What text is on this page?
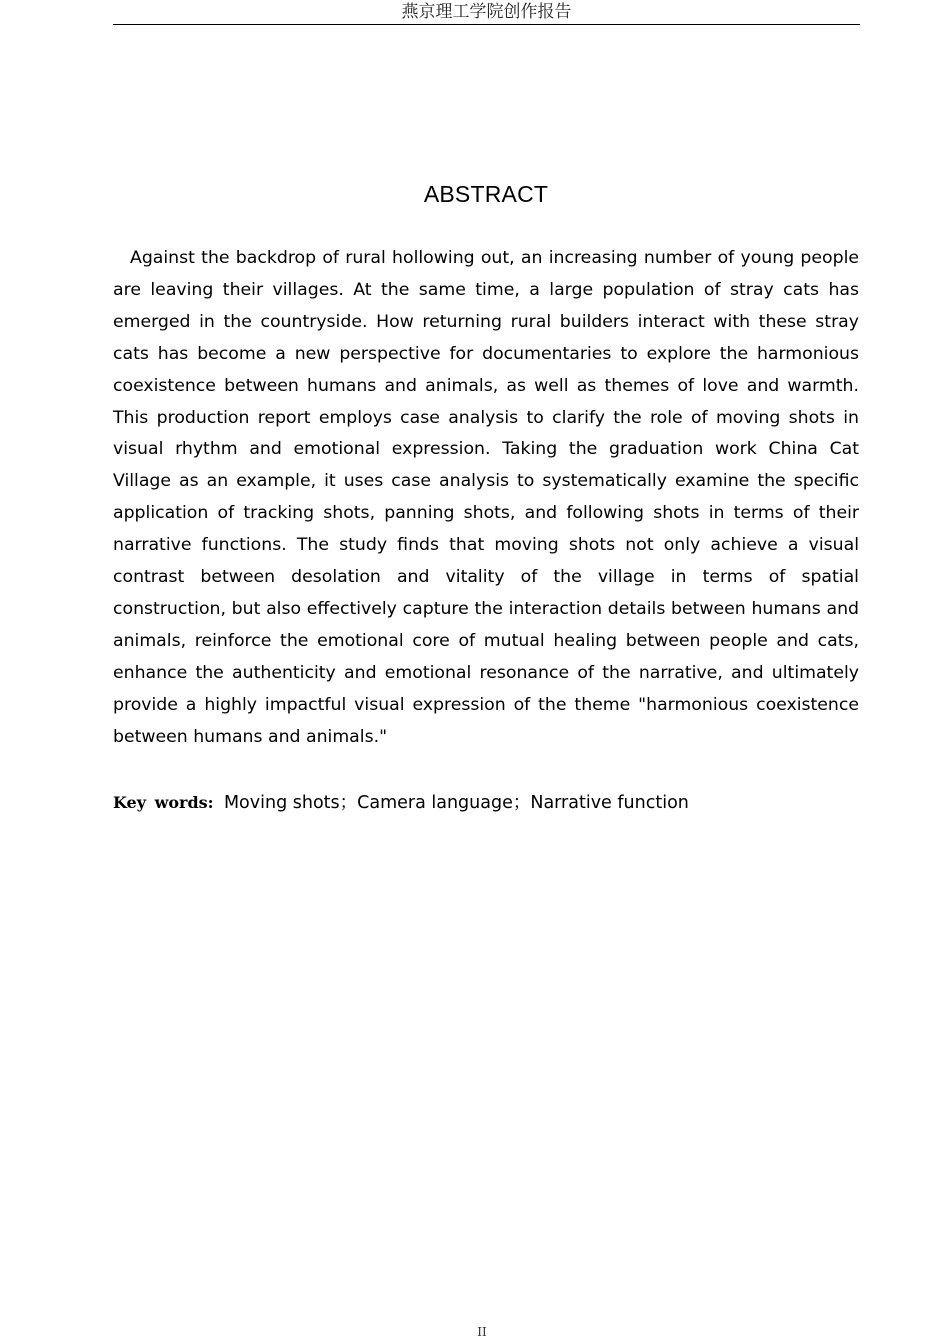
燕京理工学院创作报告
ABSTRACT

Against the backdrop of rural hollowing out, an increasing number of young people are leaving their villages. At the same time, a large population of stray cats has emerged in the countryside. How returning rural builders interact with these stray cats has become a new perspective for documentaries to explore the harmonious coexistence between humans and animals, as well as themes of love and warmth. This production report employs case analysis to clarify the role of moving shots in visual rhythm and emotional expression. Taking the graduation work China Cat Village as an example, it uses case analysis to systematically examine the specific application of tracking shots, panning shots, and following shots in terms of their narrative functions. The study finds that moving shots not only achieve a visual contrast between desolation and vitality of the village in terms of spatial construction, but also effectively capture the interaction details between humans and animals, reinforce the emotional core of mutual healing between people and cats, enhance the authenticity and emotional resonance of the narrative, and ultimately provide a highly impactful visual expression of the theme "harmonious coexistence between humans and animals."

Key words: Moving shots；Camera language；Narrative function
II
